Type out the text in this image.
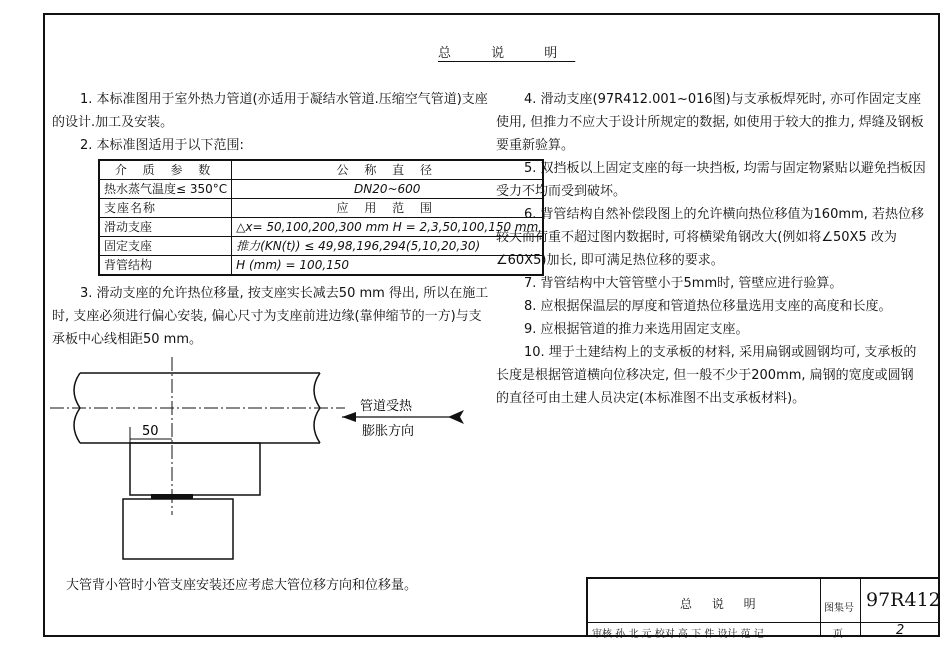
总 说 明

1. 本标准图用于室外热力管道(亦适用于凝结水管道.压缩空气管道)支座的设计.加工及安装。

2. 本标准图适用于以下范围:

介 质 参 数	公 称 直 径
热水蒸气温度≤ 350°C	DN20~600
支座名称	应 用 范 围
滑动支座	△x= 50,100,200,300 mm H = 2,3,50,100,150 mm
固定支座	推力(KN(t)) ≤ 49,98,196,294(5,10,20,30)
背管结构	H (mm) = 100,150

3. 滑动支座的允许热位移量, 按支座实长减去50 mm 得出, 所以在施工时, 支座必须进行偏心安装, 偏心尺寸为支座前进边缘(靠伸缩节的一方)与支承板中心线相距50 mm。

4. 滑动支座(97R412.001~016图)与支承板焊死时, 亦可作固定支座使用, 但推力不应大于设计所规定的数据, 如使用于较大的推力, 焊缝及钢板要重新验算。

5. 双挡板以上固定支座的每一块挡板, 均需与固定物紧贴以避免挡板因受力不均而受到破坏。

6. 背管结构自然补偿段图上的允许横向热位移值为160mm, 若热位移较大而荷重不超过图内数据时, 可将横梁角钢改大(例如将∠50X5 改为∠60X5)加长, 即可满足热位移的要求。

7. 背管结构中大管管壁小于5mm时, 管壁应进行验算。

8. 应根据保温层的厚度和管道热位移量选用支座的高度和长度。

9. 应根据管道的推力来选用固定支座。

10. 埋于土建结构上的支承板的材料, 采用扁钢或圆钢均可, 支承板的长度是根据管道横向位移决定, 但一般不少于200mm, 扁钢的宽度或圆钢的直径可由土建人员决定(本标准图不出支承板材料)。

50
管道受热
膨胀方向
大管背小管时小管支座安装还应考虑大管位移方向和位移量。
总 说 明	图集号 97R412
审核 孙 北 元 校对 高 下 件 设计 范 记	页	2
